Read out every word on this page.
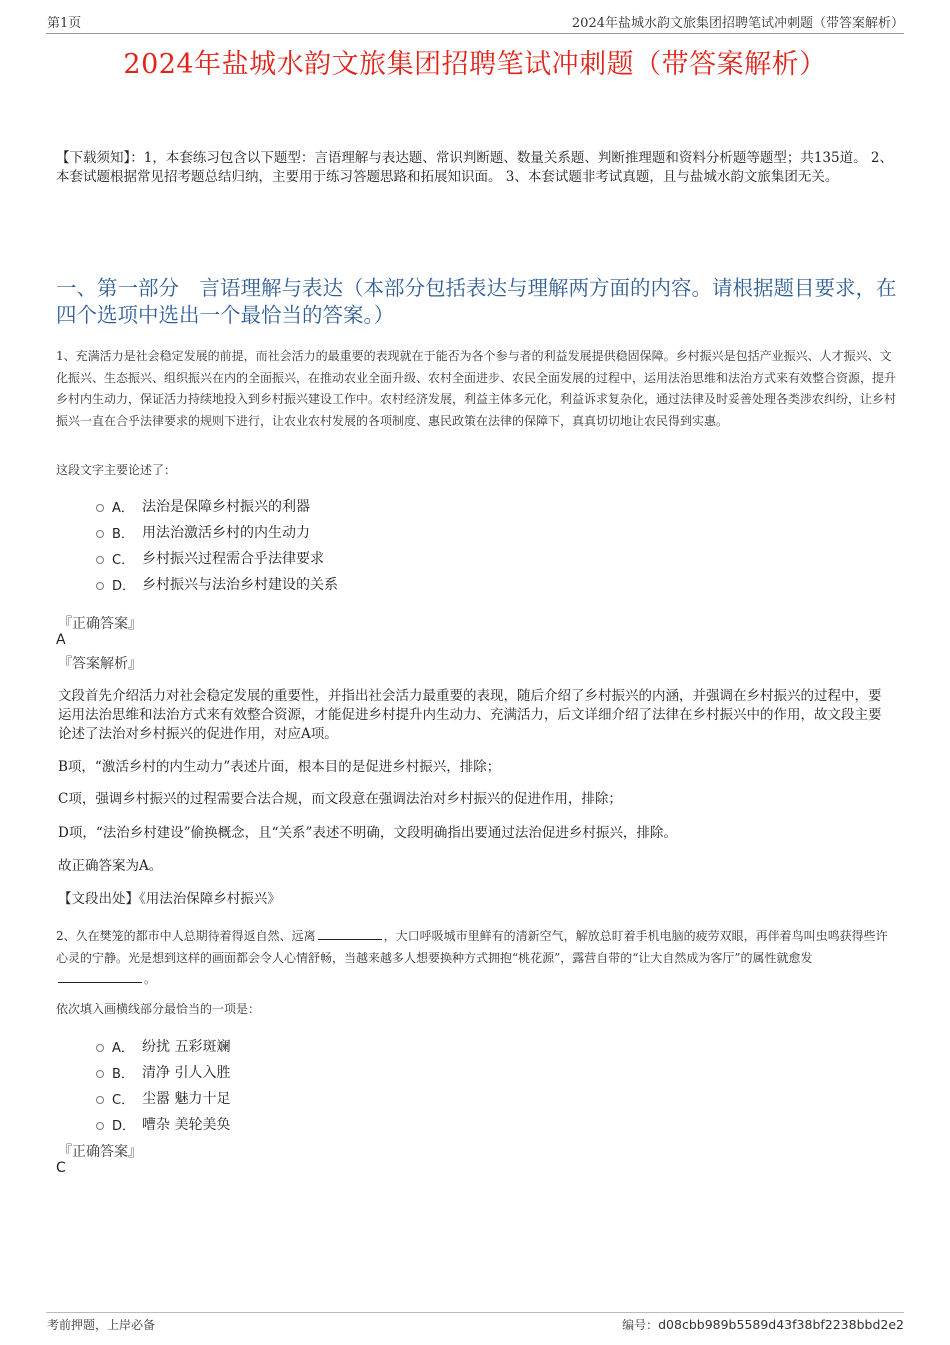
第1页	2024年盐城水韵文旅集团招聘笔试冲刺题（带答案解析）
2024年盐城水韵文旅集团招聘笔试冲刺题（带答案解析）
【下载须知】：1，本套练习包含以下题型：言语理解与表达题、常识判断题、数量关系题、判断推理题和资料分析题等题型；共135道。 2、本套试题根据常见招考题总结归纳，主要用于练习答题思路和拓展知识面。 3、本套试题非考试真题，且与盐城水韵文旅集团无关。
一、第一部分　言语理解与表达（本部分包括表达与理解两方面的内容。请根据题目要求，在四个选项中选出一个最恰当的答案。）
1、充满活力是社会稳定发展的前提，而社会活力的最重要的表现就在于能否为各个参与者的利益发展提供稳固保障。乡村振兴是包括产业振兴、人才振兴、文化振兴、生态振兴、组织振兴在内的全面振兴，在推动农业全面升级、农村全面进步、农民全面发展的过程中，运用法治思维和法治方式来有效整合资源，提升乡村内生动力，保证活力持续地投入到乡村振兴建设工作中。农村经济发展，利益主体多元化，利益诉求复杂化，通过法律及时妥善处理各类涉农纠纷，让乡村振兴一直在合乎法律要求的规则下进行，让农业农村发展的各项制度、惠民政策在法律的保障下，真真切切地让农民得到实惠。
这段文字主要论述了：
A． 法治是保障乡村振兴的利器
B． 用法治激活乡村的内生动力
C． 乡村振兴过程需合乎法律要求
D． 乡村振兴与法治乡村建设的关系
『正确答案』
A
『答案解析』
文段首先介绍活力对社会稳定发展的重要性，并指出社会活力最重要的表现，随后介绍了乡村振兴的内涵，并强调在乡村振兴的过程中，要运用法治思维和法治方式来有效整合资源，才能促进乡村提升内生动力、充满活力，后文详细介绍了法律在乡村振兴中的作用，故文段主要论述了法治对乡村振兴的促进作用，对应A项。
B项，“激活乡村的内生动力”表述片面，根本目的是促进乡村振兴，排除；
C项，强调乡村振兴的过程需要合法合规，而文段意在强调法治对乡村振兴的促进作用，排除；
D项，“法治乡村建设”偷换概念，且“关系”表述不明确，文段明确指出要通过法治促进乡村振兴，排除。
故正确答案为A。
【文段出处】《用法治保障乡村振兴》
2、久在樊笼的都市中人总期待着得返自然、远离	，大口呼吸城市里鲜有的清新空气，解放总盯着手机电脑的疲劳双眼，再伴着鸟叫虫鸣获得些许心灵的宁静。光是想到这样的画面都会令人心情舒畅，当越来越多人想要换种方式拥抱“桃花源”，露营自带的“让大自然成为客厅”的属性就愈发。
依次填入画横线部分最恰当的一项是：
A． 纷扰 五彩斑斓
B． 清净 引人入胜
C． 尘嚣 魅力十足
D． 嘈杂 美轮美奂
『正确答案』
C
考前押题，上岸必备	编号：d08cbb989b5589d43f38bf2238bbd2e2
